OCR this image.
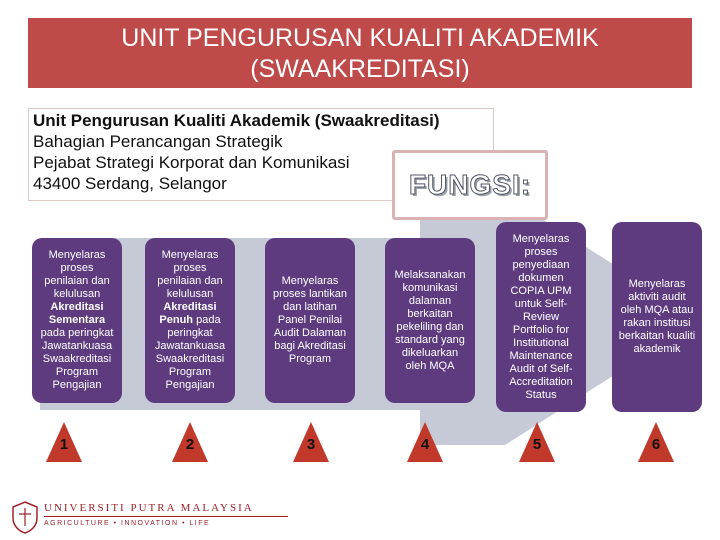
UNIT PENGURUSAN KUALITI AKADEMIK
(SWAAKREDITASI)
Unit Pengurusan Kualiti Akademik (Swaakreditasi)
Bahagian Perancangan Strategik
Pejabat Strategi Korporat dan Komunikasi
43400 Serdang, Selangor	FUNGSI:
Menyelaras proses penilaian dan kelulusan
Akreditasi Sementara pada peringkat Jawatankuasa Swaakreditasi Program Pengajian
Menyelaras proses penilaian dan kelulusan
Akreditasi Penuh pada peringkat Jawatankuasa Swaakreditasi Program Pengajian
Menyelaras proses lantikan dan latihan Panel Penilai Audit Dalaman bagi Akreditasi Program
Melaksanakan komunikasi dalaman berkaitan pekeliling dan standard yang dikeluarkan oleh MQA
Menyelaras proses penyediaan dokumen COPIA UPM untuk Self-Review Portfolio for Institutional Maintenance Audit of Self-Accreditation Status
Menyelaras aktiviti audit oleh MQA atau rakan institusi berkaitan kualiti akademik
1	2	3	4	5	6
UNIVERSITI PUTRA MALAYSIA
AGRICULTURE • INNOVATION • LIFE
